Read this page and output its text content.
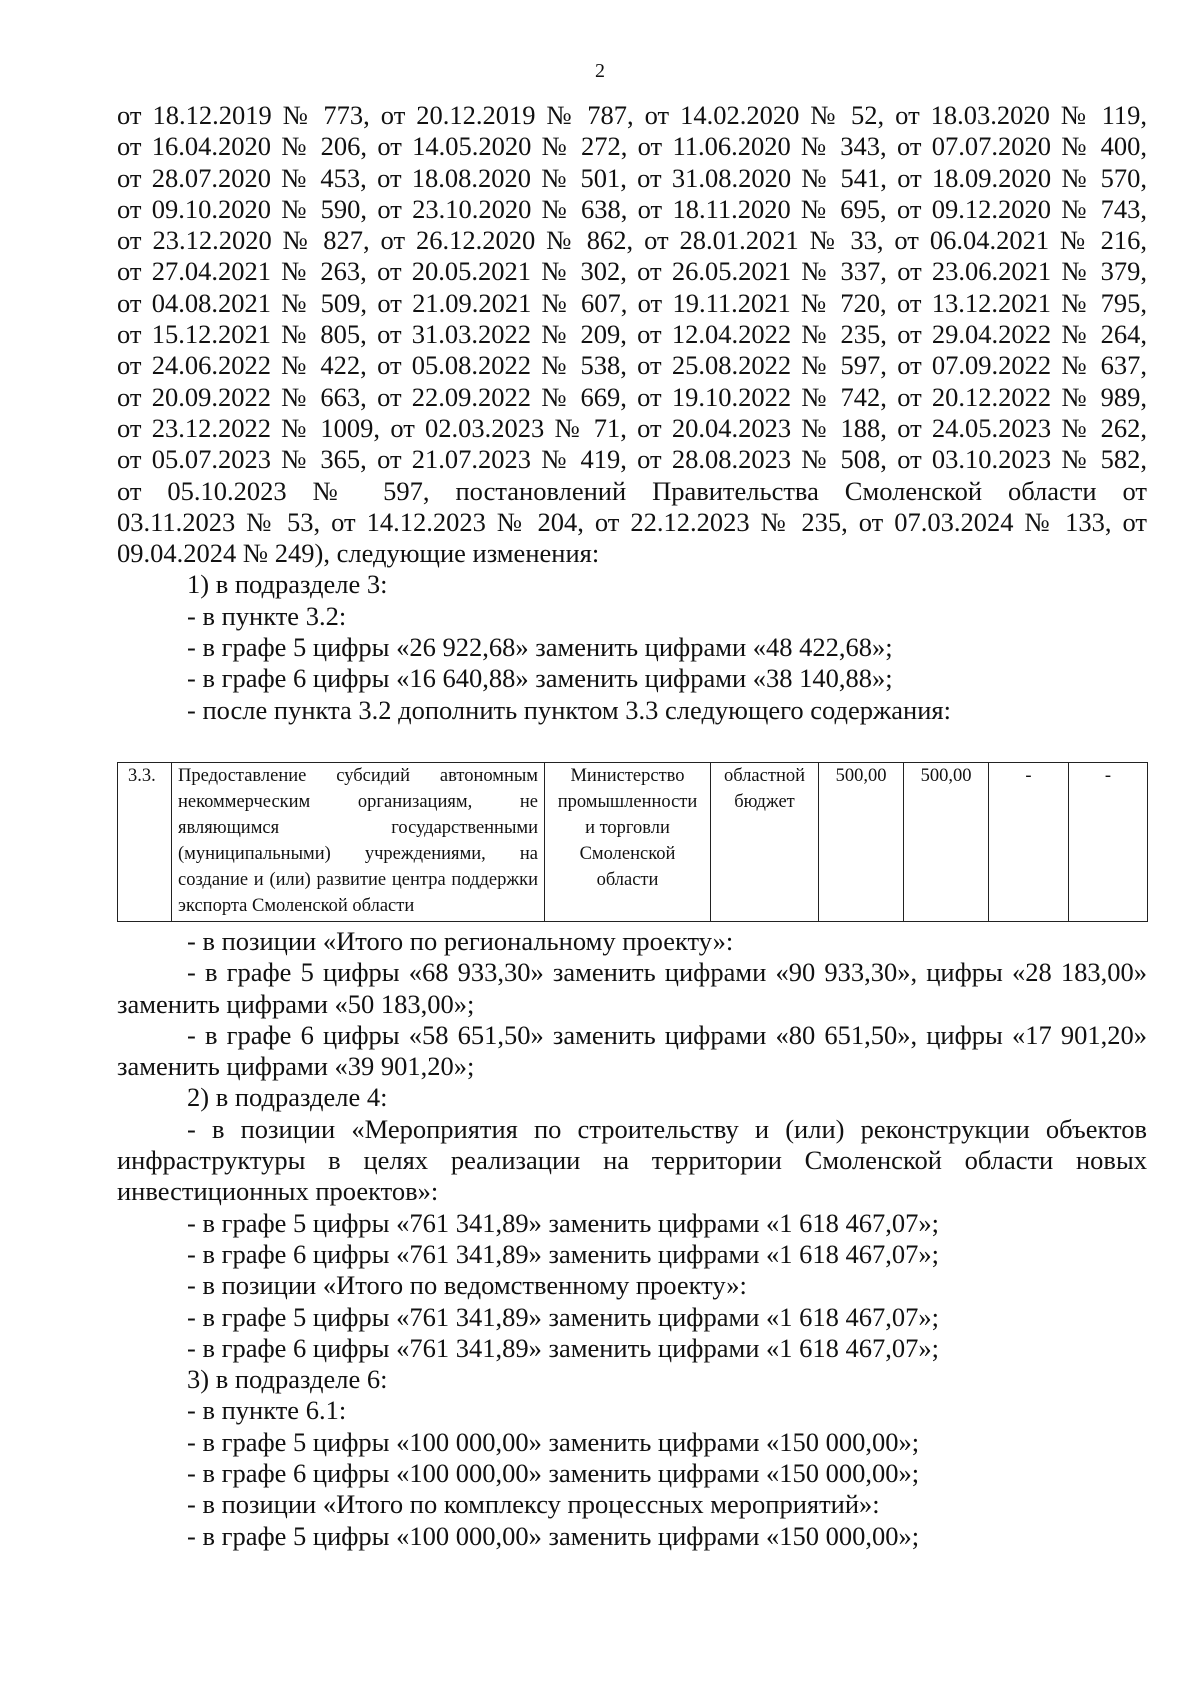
2
от 18.12.2019 № 773, от 20.12.2019 № 787, от 14.02.2020 № 52, от 18.03.2020 № 119,
от 16.04.2020 № 206, от 14.05.2020 № 272, от 11.06.2020 № 343, от 07.07.2020 № 400,
от 28.07.2020 № 453, от 18.08.2020 № 501, от 31.08.2020 № 541, от 18.09.2020 № 570,
от 09.10.2020 № 590, от 23.10.2020 № 638, от 18.11.2020 № 695, от 09.12.2020 № 743,
от 23.12.2020 № 827, от 26.12.2020 № 862, от 28.01.2021 № 33, от 06.04.2021 № 216,
от 27.04.2021 № 263, от 20.05.2021 № 302, от 26.05.2021 № 337, от 23.06.2021 № 379,
от 04.08.2021 № 509, от 21.09.2021 № 607, от 19.11.2021 № 720, от 13.12.2021 № 795,
от 15.12.2021 № 805, от 31.03.2022 № 209, от 12.04.2022 № 235, от 29.04.2022 № 264,
от 24.06.2022 № 422, от 05.08.2022 № 538, от 25.08.2022 № 597, от 07.09.2022 № 637,
от 20.09.2022 № 663, от 22.09.2022 № 669, от 19.10.2022 № 742, от 20.12.2022 № 989,
от 23.12.2022 № 1009, от 02.03.2023 № 71, от 20.04.2023 № 188, от 24.05.2023 № 262,
от 05.07.2023 № 365, от 21.07.2023 № 419, от 28.08.2023 № 508, от 03.10.2023 № 582,
от 05.10.2023 № 597, постановлений Правительства Смоленской области от
03.11.2023 № 53, от 14.12.2023 № 204, от 22.12.2023 № 235, от 07.03.2024 № 133, от
09.04.2024 № 249), следующие изменения:
1) в подразделе 3:
- в пункте 3.2:
- в графе 5 цифры «26 922,68» заменить цифрами «48 422,68»;
- в графе 6 цифры «16 640,88» заменить цифрами «38 140,88»;
- после пункта 3.2 дополнить пунктом 3.3 следующего содержания:
3.3.	Предоставление субсидий автономным некоммерческим организациям, не являющимся государственными (муниципальными) учреждениями, на создание и (или) развитие центра поддержки экспорта Смоленской области	Министерство промышленности и торговли Смоленской области	областной бюджет	500,00	500,00	-	-
- в позиции «Итого по региональному проекту»:
- в графе 5 цифры «68 933,30» заменить цифрами «90 933,30», цифры «28 183,00» заменить цифрами «50 183,00»;
- в графе 6 цифры «58 651,50» заменить цифрами «80 651,50», цифры «17 901,20» заменить цифрами «39 901,20»;
2) в подразделе 4:
- в позиции «Мероприятия по строительству и (или) реконструкции объектов инфраструктуры в целях реализации на территории Смоленской области новых инвестиционных проектов»:
- в графе 5 цифры «761 341,89» заменить цифрами «1 618 467,07»;
- в графе 6 цифры «761 341,89» заменить цифрами «1 618 467,07»;
- в позиции «Итого по ведомственному проекту»:
- в графе 5 цифры «761 341,89» заменить цифрами «1 618 467,07»;
- в графе 6 цифры «761 341,89» заменить цифрами «1 618 467,07»;
3) в подразделе 6:
- в пункте 6.1:
- в графе 5 цифры «100 000,00» заменить цифрами «150 000,00»;
- в графе 6 цифры «100 000,00» заменить цифрами «150 000,00»;
- в позиции «Итого по комплексу процессных мероприятий»:
- в графе 5 цифры «100 000,00» заменить цифрами «150 000,00»;
